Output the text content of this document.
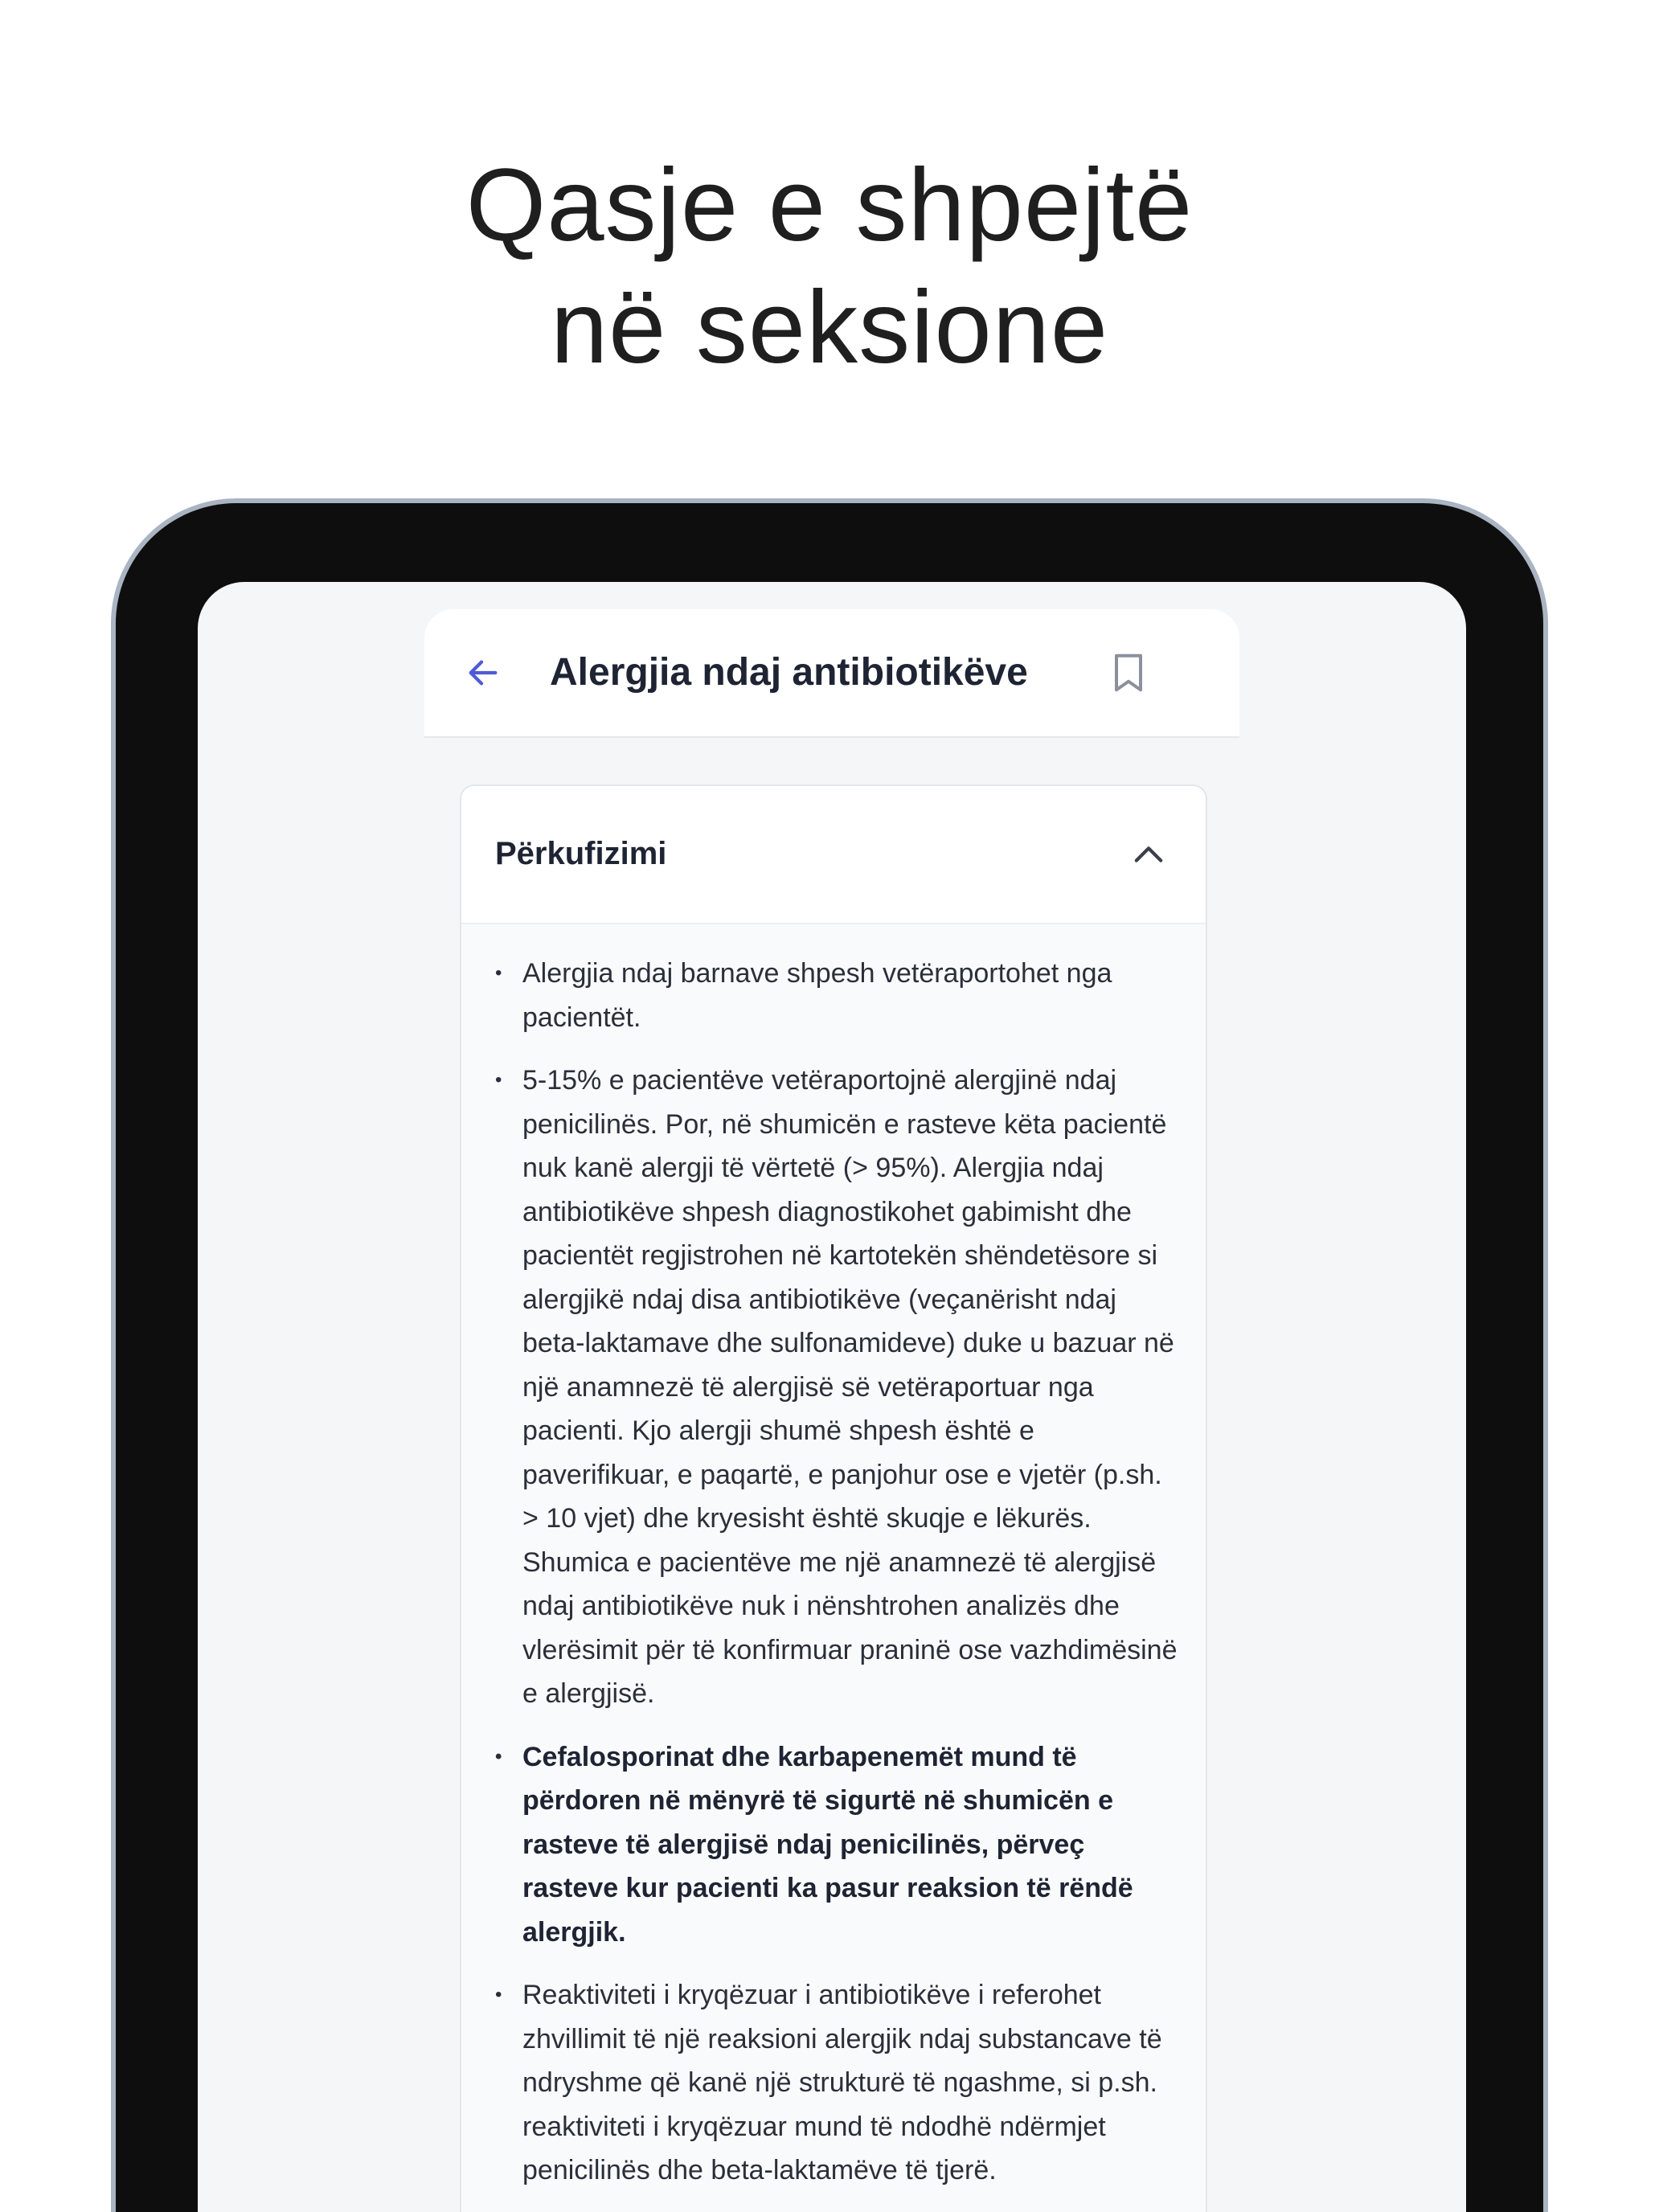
Qasje e shpejtë
në seksione
Alergjia ndaj antibiotikëve
Përkufizimi
• Alergjia ndaj barnave shpesh vetëraportohet nga pacientët.
• 5-15% e pacientëve vetëraportojnë alergjinë ndaj penicilinës. Por, në shumicën e rasteve këta pacientë nuk kanë alergji të vërtetë (> 95%). Alergjia ndaj antibiotikëve shpesh diagnostikohet gabimisht dhe pacientët regjistrohen në kartotekën shëndetësore si alergjikë ndaj disa antibiotikëve (veçanërisht ndaj beta-laktamave dhe sulfonamideve) duke u bazuar në një anamnezë të alergjisë së vetëraportuar nga pacienti. Kjo alergji shumë shpesh është e paverifikuar, e paqartë, e panjohur ose e vjetër (p.sh. > 10 vjet) dhe kryesisht është skuqje e lëkurës. Shumica e pacientëve me një anamnezë të alergjisë ndaj antibiotikëve nuk i nënshtrohen analizës dhe vlerësimit për të konfirmuar praninë ose vazhdimësinë e alergjisë.
• Cefalosporinat dhe karbapenemët mund të përdoren në mënyrë të sigurtë në shumicën e rasteve të alergjisë ndaj penicilinës, përveç rasteve kur pacienti ka pasur reaksion të rëndë alergjik.
• Reaktiviteti i kryqëzuar i antibiotikëve i referohet zhvillimit të një reaksioni alergjik ndaj substancave të ndryshme që kanë një strukturë të ngashme, si p.sh. reaktiviteti i kryqëzuar mund të ndodhë ndërmjet penicilinës dhe beta-laktamëve të tjerë.
